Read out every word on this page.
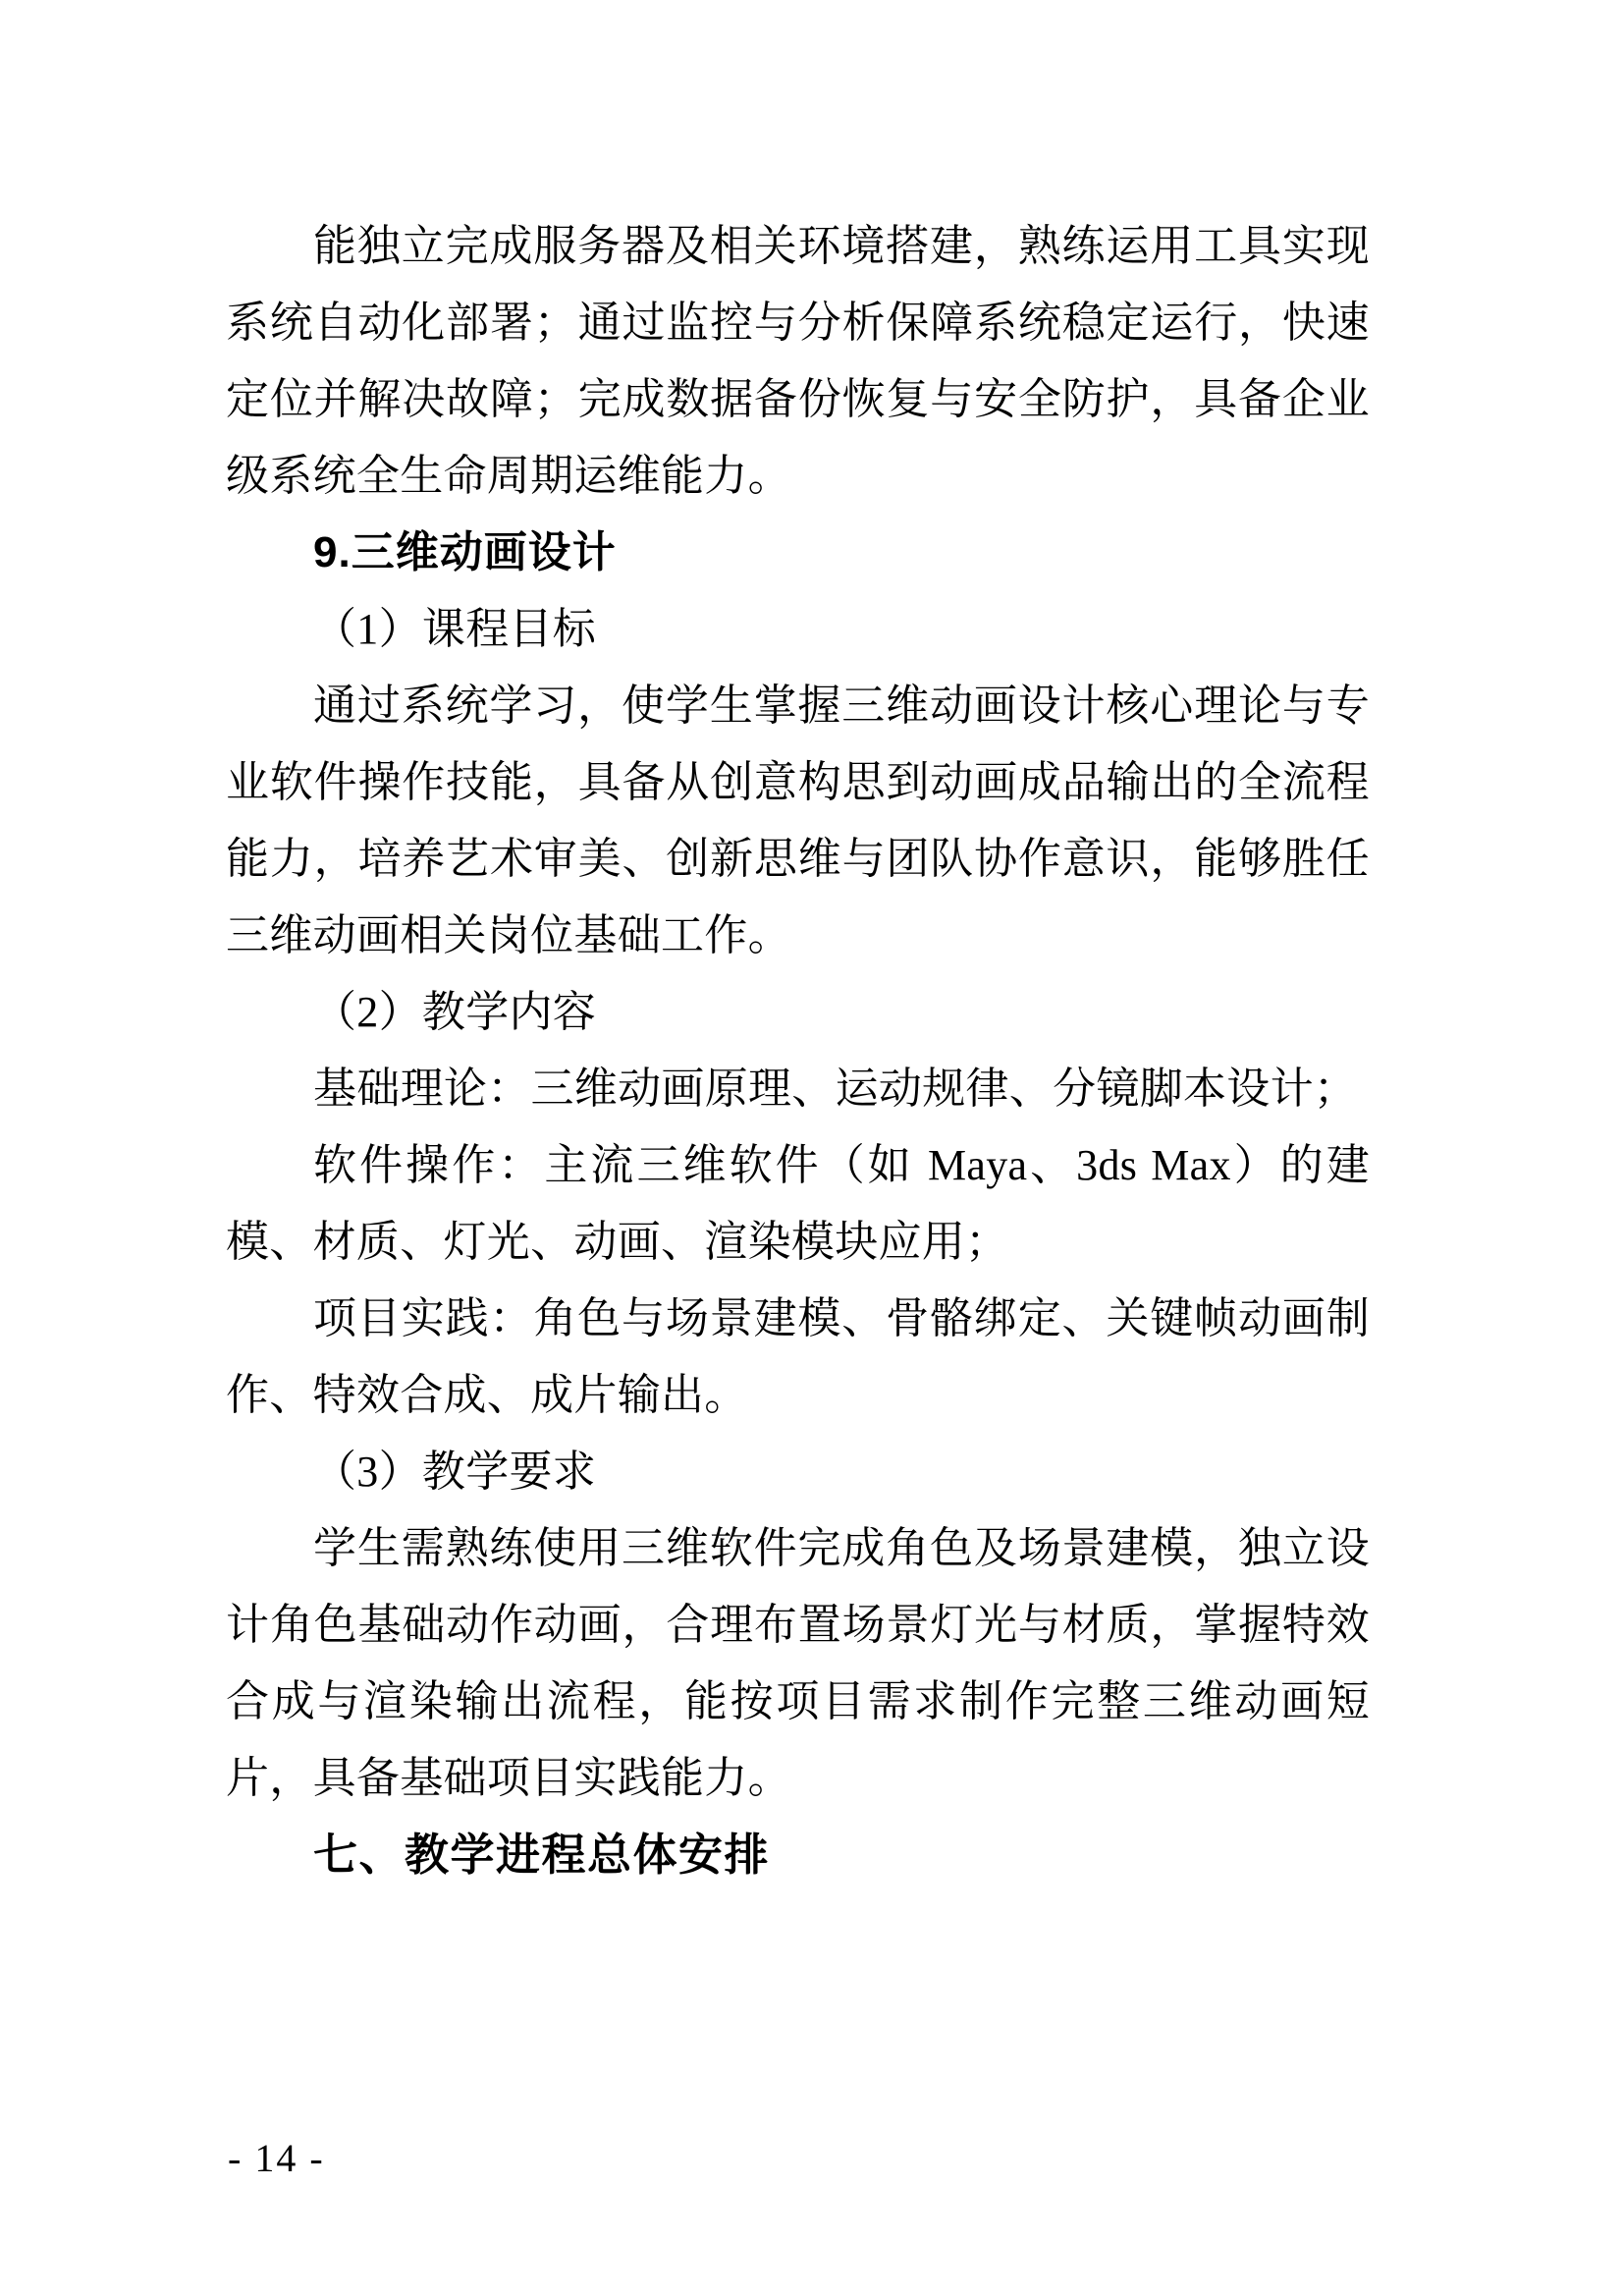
能独立完成服务器及相关环境搭建，熟练运用工具实现系统自动化部署；通过监控与分析保障系统稳定运行，快速定位并解决故障；完成数据备份恢复与安全防护，具备企业级系统全生命周期运维能力。

9.三维动画设计

（1）课程目标

通过系统学习，使学生掌握三维动画设计核心理论与专业软件操作技能，具备从创意构思到动画成品输出的全流程能力，培养艺术审美、创新思维与团队协作意识，能够胜任三维动画相关岗位基础工作。

（2）教学内容

基础理论：三维动画原理、运动规律、分镜脚本设计；

软件操作：主流三维软件（如 Maya、3ds Max）的建模、材质、灯光、动画、渲染模块应用；

项目实践：角色与场景建模、骨骼绑定、关键帧动画制作、特效合成、成片输出。

（3）教学要求

学生需熟练使用三维软件完成角色及场景建模，独立设计角色基础动作动画，合理布置场景灯光与材质，掌握特效合成与渲染输出流程，能按项目需求制作完整三维动画短片，具备基础项目实践能力。

七、教学进程总体安排

- 14 -
